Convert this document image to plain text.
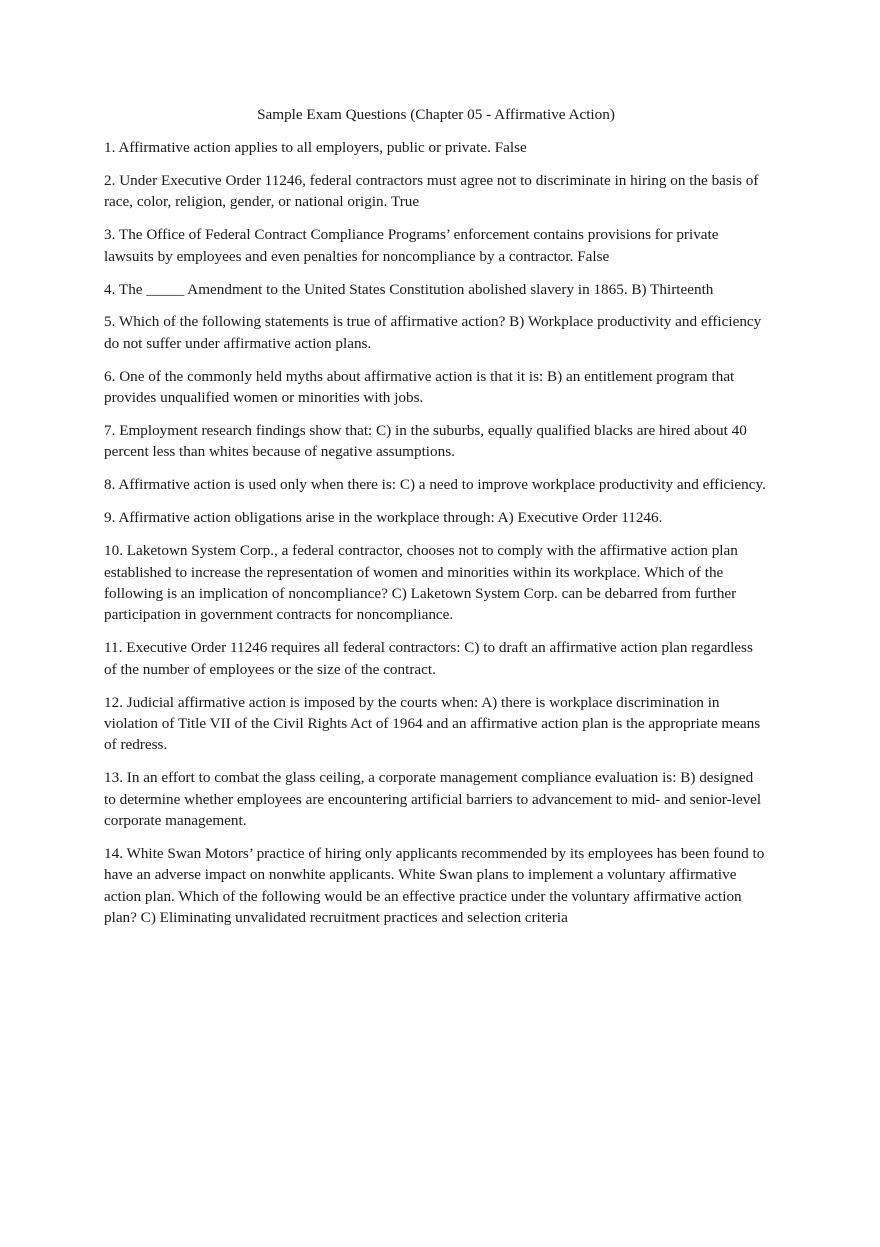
Sample Exam Questions (Chapter 05 - Affirmative Action)

1. Affirmative action applies to all employers, public or private. False

2. Under Executive Order 11246, federal contractors must agree not to discriminate in hiring on the basis of race, color, religion, gender, or national origin. True

3. The Office of Federal Contract Compliance Programs’ enforcement contains provisions for private lawsuits by employees and even penalties for noncompliance by a contractor. False

4. The _____ Amendment to the United States Constitution abolished slavery in 1865. B) Thirteenth

5. Which of the following statements is true of affirmative action? B) Workplace productivity and efficiency do not suffer under affirmative action plans.

6. One of the commonly held myths about affirmative action is that it is: B) an entitlement program that provides unqualified women or minorities with jobs.

7. Employment research findings show that: C) in the suburbs, equally qualified blacks are hired about 40 percent less than whites because of negative assumptions.

8. Affirmative action is used only when there is: C) a need to improve workplace productivity and efficiency.

9. Affirmative action obligations arise in the workplace through: A) Executive Order 11246.

10. Laketown System Corp., a federal contractor, chooses not to comply with the affirmative action plan established to increase the representation of women and minorities within its workplace. Which of the following is an implication of noncompliance? C) Laketown System Corp. can be debarred from further participation in government contracts for noncompliance.

11. Executive Order 11246 requires all federal contractors: C) to draft an affirmative action plan regardless of the number of employees or the size of the contract.

12. Judicial affirmative action is imposed by the courts when: A) there is workplace discrimination in violation of Title VII of the Civil Rights Act of 1964 and an affirmative action plan is the appropriate means of redress.

13. In an effort to combat the glass ceiling, a corporate management compliance evaluation is: B) designed to determine whether employees are encountering artificial barriers to advancement to mid- and senior-level corporate management.

14. White Swan Motors’ practice of hiring only applicants recommended by its employees has been found to have an adverse impact on nonwhite applicants. White Swan plans to implement a voluntary affirmative action plan. Which of the following would be an effective practice under the voluntary affirmative action plan? C) Eliminating unvalidated recruitment practices and selection criteria
